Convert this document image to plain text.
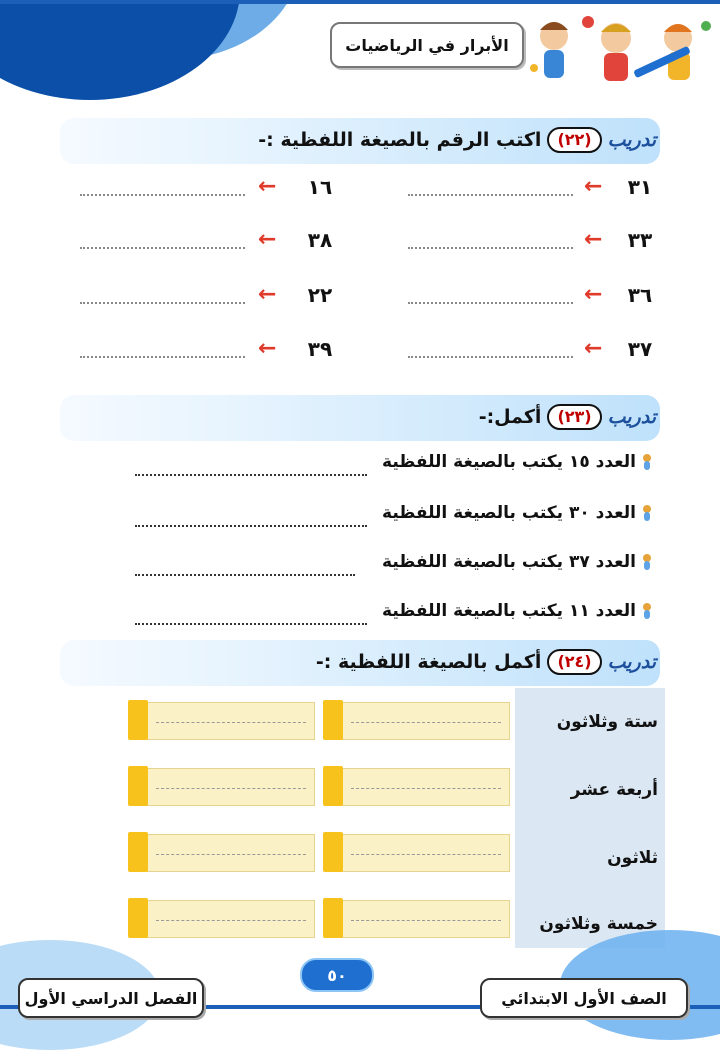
الأبرار في الرياضيات
تدريب
(٢٢)
اكتب الرقم بالصيغة اللفظية :-
٣١
←
٣٣
←
٣٦
←
٣٧
←
١٦
←
٣٨
←
٢٢
←
٣٩
←
تدريب
(٢٣)
أكمل:-
العدد ١٥ يكتب بالصيغة اللفظية
العدد ٣٠ يكتب بالصيغة اللفظية
العدد ٣٧ يكتب بالصيغة اللفظية
العدد ١١ يكتب بالصيغة اللفظية
تدريب
(٢٤)
أكمل بالصيغة اللفظية :-
ستة وثلاثون
أربعة عشر
ثلاثون
خمسة وثلاثون
٥٠
الصف الأول الابتدائي
الفصل الدراسي الأول
